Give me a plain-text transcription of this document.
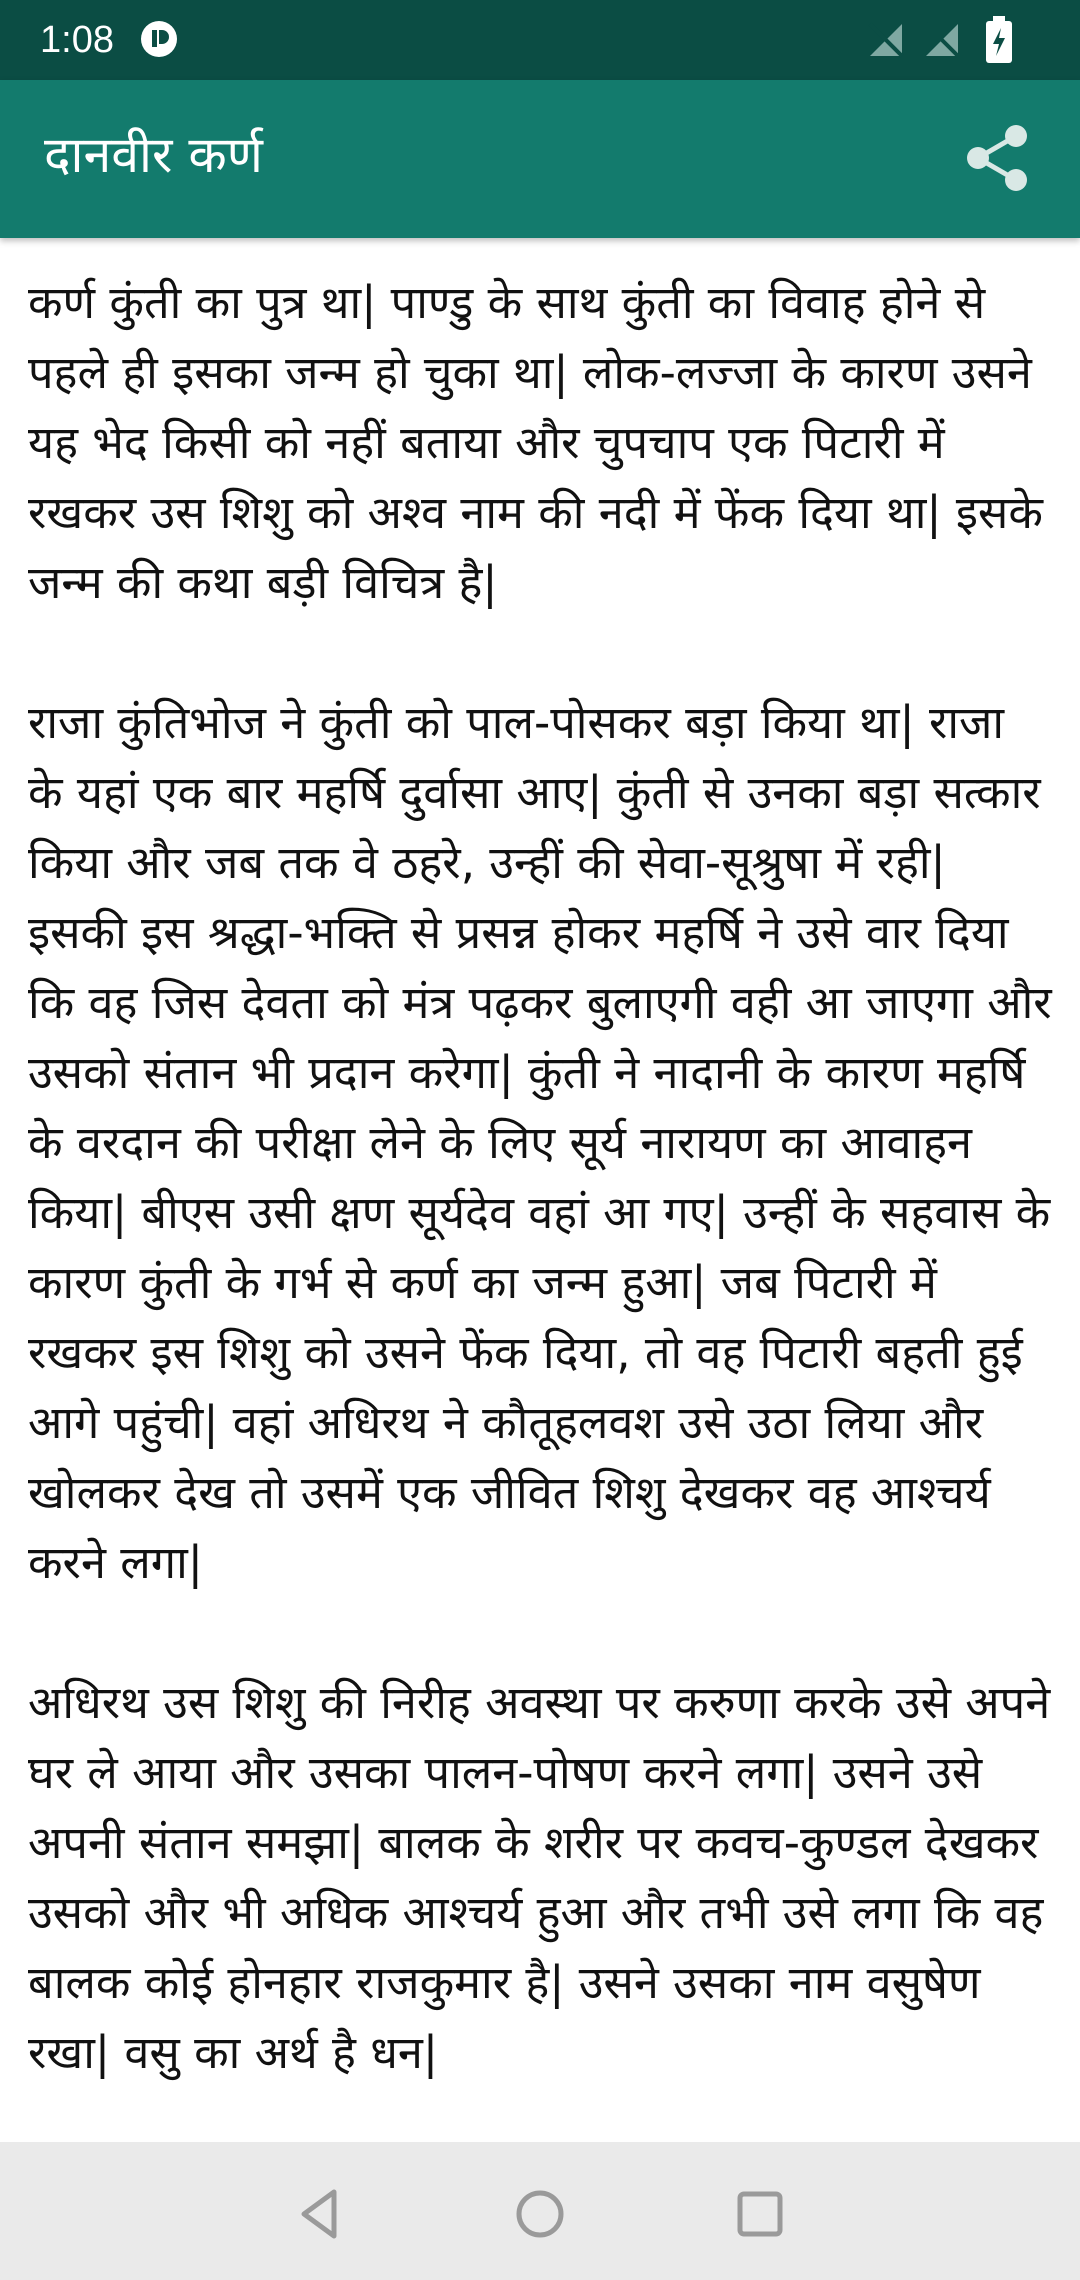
1:08
दानवीर कर्ण

कर्ण कुंती का पुत्र था| पाण्डु के साथ कुंती का विवाह होने से पहले ही इसका जन्म हो चुका था| लोक-लज्जा के कारण उसने यह भेद किसी को नहीं बताया और चुपचाप एक पिटारी में रखकर उस शिशु को अश्व नाम की नदी में फेंक दिया था| इसके जन्म की कथा बड़ी विचित्र है|

राजा कुंतिभोज ने कुंती को पाल-पोसकर बड़ा किया था| राजा के यहां एक बार महर्षि दुर्वासा आए| कुंती से उनका बड़ा सत्कार किया और जब तक वे ठहरे, उन्हीं की सेवा-सूश्रुषा में रही| इसकी इस श्रद्धा-भक्ति से प्रसन्न होकर महर्षि ने उसे वार दिया कि वह जिस देवता को मंत्र पढ़कर बुलाएगी वही आ जाएगा और उसको संतान भी प्रदान करेगा| कुंती ने नादानी के कारण महर्षि के वरदान की परीक्षा लेने के लिए सूर्य नारायण का आवाहन किया| बीएस उसी क्षण सूर्यदेव वहां आ गए| उन्हीं के सहवास के कारण कुंती के गर्भ से कर्ण का जन्म हुआ| जब पिटारी में रखकर इस शिशु को उसने फेंक दिया, तो वह पिटारी बहती हुई आगे पहुंची| वहां अधिरथ ने कौतूहलवश उसे उठा लिया और खोलकर देख तो उसमें एक जीवित शिशु देखकर वह आश्चर्य करने लगा|

अधिरथ उस शिशु की निरीह अवस्था पर करुणा करके उसे अपने घर ले आया और उसका पालन-पोषण करने लगा| उसने उसे अपनी संतान समझा| बालक के शरीर पर कवच-कुण्डल देखकर उसको और भी अधिक आश्चर्य हुआ और तभी उसे लगा कि वह बालक कोई होनहार राजकुमार है| उसने उसका नाम वसुषेण रखा| वसु का अर्थ है धन|
